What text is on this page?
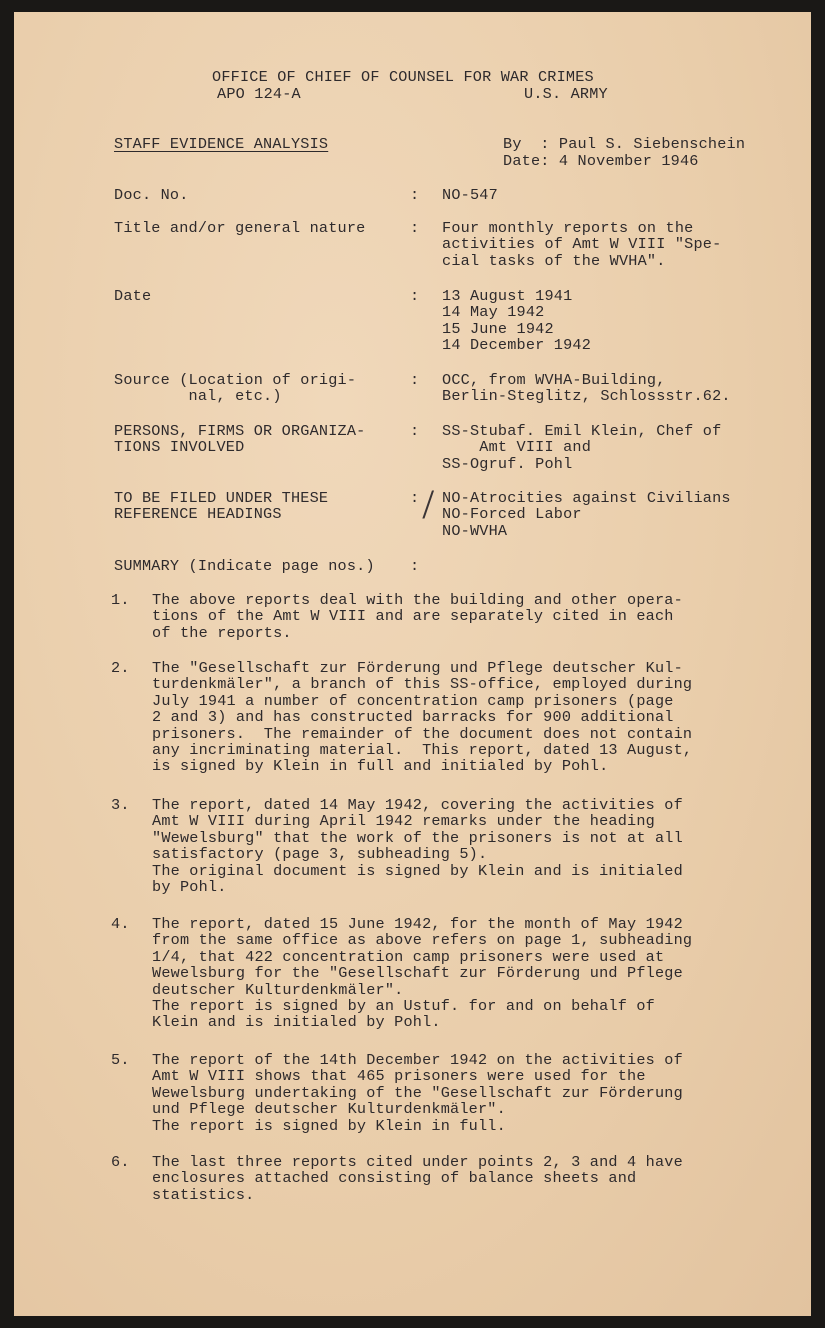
OFFICE OF CHIEF OF COUNSEL FOR WAR CRIMES
APO 124-A	U.S. ARMY
STAFF EVIDENCE ANALYSIS	By  : Paul S. Siebenschein
Date: 4 November 1946
Doc. No.	: NO-547
Title and/or general nature	: Four monthly reports on the
activities of Amt W VIII "Spe-
cial tasks of the WVHA".
Date	: 13 August 1941
14 May 1942
15 June 1942
14 December 1942
Source (Location of origi-
nal, etc.)
: OCC, from WVHA-Building,
Berlin-Steglitz, Schlossstr.62.
PERSONS, FIRMS OR ORGANIZA-
TIONS INVOLVED
: SS-Stubaf. Emil Klein, Chef of
Amt VIII and
SS-Ogruf. Pohl
TO BE FILED UNDER THESE
REFERENCE HEADINGS
: / NO-Atrocities against Civilians
NO-Forced Labor
NO-WVHA
SUMMARY (Indicate page nos.) :
1. The above reports deal with the building and other opera-
tions of the Amt W VIII and are separately cited in each
of the reports.
2. The "Gesellschaft zur Förderung und Pflege deutscher Kul-
turdenkmäler", a branch of this SS-office, employed during
July 1941 a number of concentration camp prisoners (page
2 and 3) and has constructed barracks for 900 additional
prisoners.  The remainder of the document does not contain
any incriminating material.  This report, dated 13 August,
is signed by Klein in full and initialed by Pohl.
3. The report, dated 14 May 1942, covering the activities of
Amt W VIII during April 1942 remarks under the heading
"Wewelsburg" that the work of the prisoners is not at all
satisfactory (page 3, subheading 5).
The original document is signed by Klein and is initialed
by Pohl.
4. The report, dated 15 June 1942, for the month of May 1942
from the same office as above refers on page 1, subheading
1/4, that 422 concentration camp prisoners were used at
Wewelsburg for the "Gesellschaft zur Förderung und Pflege
deutscher Kulturdenkmäler".
The report is signed by an Ustuf. for and on behalf of
Klein and is initialed by Pohl.
5. The report of the 14th December 1942 on the activities of
Amt W VIII shows that 465 prisoners were used for the
Wewelsburg undertaking of the "Gesellschaft zur Förderung
und Pflege deutscher Kulturdenkmäler".
The report is signed by Klein in full.
6. The last three reports cited under points 2, 3 and 4 have
enclosures attached consisting of balance sheets and
statistics.
